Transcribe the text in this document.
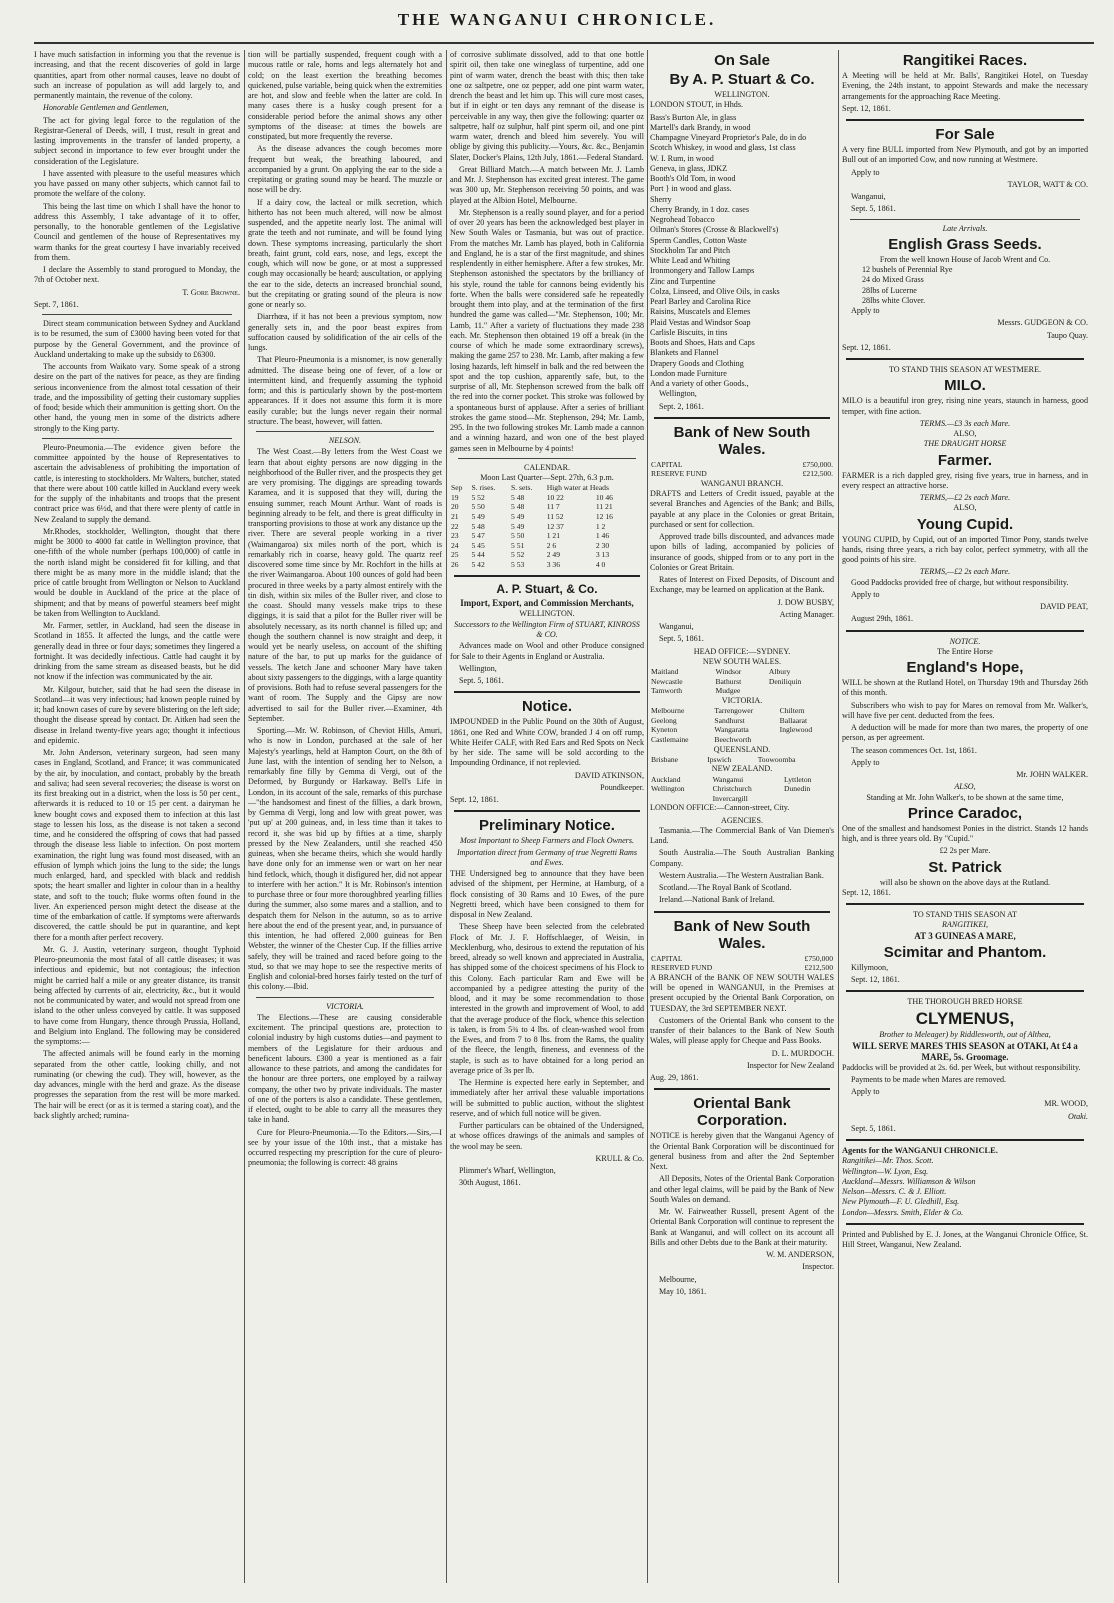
THE WANGANUI CHRONICLE.

I have much satisfaction in informing you that the revenue is increasing, and that the recent discoveries of gold in large quantities, apart from other normal causes, leave no doubt of such an increase of population as will add largely to, and permanently maintain, the revenue of the colony.

Honorable Gentlemen and Gentlemen,

The act for giving legal force to the regulation of the Registrar-General of Deeds, will, I trust, result in great and lasting improvements in the transfer of landed property, a subject second in importance to few ever brought under the consideration of the Legislature.

I have assented with pleasure to the useful measures which you have passed on many other subjects, which cannot fail to promote the welfare of the colony.

This being the last time on which I shall have the honor to address this Assembly, I take advantage of it to offer, personally, to the honorable gentlemen of the Legislative Council and gentlemen of the house of Representatives my warm thanks for the great courtesy I have invariably received from them.

I declare the Assembly to stand prorogued to Monday, the 7th of October next.

T. Gore Browne.

Sept. 7, 1861.

Direct steam communication between Sydney and Auckland is to be resumed, the sum of £3000 having been voted for that purpose by the General Government, and the province of Auckland undertaking to make up the subsidy to £6300.

The accounts from Waikato vary. Some speak of a strong desire on the part of the natives for peace, as they are finding serious inconvenience from the almost total cessation of their trade, and the impossibility of getting their customary supplies of food; beside which their ammunition is getting short. On the other hand, the young men in some of the districts adhere strongly to the King party.

Pleuro-Pneumonia.—The evidence given before the committee appointed by the house of Representatives to ascertain the advisableness of prohibiting the importation of cattle, is interesting to stockholders. Mr Walters, butcher, stated that there were about 100 cattle killed in Auckland every week for the supply of the inhabitants and troops that the present contract price was 6½d, and that there were plenty of cattle in New Zealand to supply the demand.

Mr.Rhodes, stockholder, Wellington, thought that there might be 3000 to 4000 fat cattle in Wellington province, that one-fifth of the whole number (perhaps 100,000) of cattle in the north island might be considered fit for killing, and that there might be as many more in the middle island; that the price of cattle brought from Wellington or Nelson to Auckland would be double in Auckland of the price at the place of shipment; and that by means of powerful steamers beef might be taken from Wellington to Auckland.

Mr. Farmer, settler, in Auckland, had seen the disease in Scotland in 1855. It affected the lungs, and the cattle were generally dead in three or four days; sometimes they lingered a fortnight. It was decidedly infectious. Cattle had caught it by drinking from the same stream as diseased beasts, but he did not know if the infection was communicated by the air.

Mr. Kilgour, butcher, said that he had seen the disease in Scotland—it was very infectious; had known people ruined by it; had known cases of cure by severe blistering on the left side; thought the disease spread by contact. Dr. Aitken had seen the disease in Ireland twenty-five years ago; thought it infectious and epidemic.

Mr. John Anderson, veterinary surgeon, had seen many cases in England, Scotland, and France; it was communicated by the air, by inoculation, and contact, probably by the breath and saliva; had seen several recoveries; the disease is worst on its first breaking out in a district, when the loss is 50 per cent., afterwards it is reduced to 10 or 15 per cent. a dairyman he knew bought cows and exposed them to infection at this last stage to lessen his loss, as the disease is not taken a second time, and he considered the offspring of cows that had passed through the disease less liable to infection. On post mortem examination, the right lung was found most diseased, with an effusion of lymph which joins the lung to the side; the lungs much enlarged, hard, and speckled with black and reddish spots; the heart smaller and lighter in colour than in a healthy state, and soft to the touch; fluke worms often found in the liver. An experienced person might detect the disease at the time of the embarkation of cattle. If symptoms were afterwards discovered, the cattle should be put in quarantine, and kept there for a month after perfect recovery.

Mr. G. J. Austin, veterinary surgeon, thought Typhoid Pleuro-pneumonia the most fatal of all cattle diseases; it was infectious and epidemic, but not contagious; the infection might be carried half a mile or any greater distance, its transit being affected by currents of air, electricity, &c., but it would not be communicated by water, and would not spread from one island to the other unless conveyed by cattle. It was supposed to have come from Hungary, thence through Prussia, Holland, and Belgium into England. The following may be considered the symptoms:—

The affected animals will be found early in the morning separated from the other cattle, looking chilly, and not ruminating (or chewing the cud). They will, however, as the day advances, mingle with the herd and graze. As the disease progresses the separation from the rest will be more marked. The hair will be erect (or as it is termed a staring coat), and the back slightly arched; rumina-

tion will be partially suspended, frequent cough with a mucous rattle or rale, horns and legs alternately hot and cold; on the least exertion the breathing becomes quickened, pulse variable, being quick when the extremities are hot, and slow and feeble when the latter are cold. In many cases there is a husky cough present for a considerable period before the animal shows any other symptoms of the disease: at times the bowels are constipated, but more frequently the reverse.

As the disease advances the cough becomes more frequent but weak, the breathing laboured, and accompanied by a grunt. On applying the ear to the side a crepitating or grating sound may be heard. The muzzle or nose will be dry.

If a dairy cow, the lacteal or milk secretion, which hitherto has not been much altered, will now be almost suspended, and the appetite nearly lost. The animal will grate the teeth and not ruminate, and will be found lying down. These symptoms increasing, particularly the short breath, faint grunt, cold ears, nose, and legs, except the cough, which will now be gone, or at most a suppressed cough may occasionally be heard; auscultation, or applying the ear to the side, detects an increased bronchial sound, but the crepitating or grating sound of the pleura is now gone or nearly so.

Diarrhœa, if it has not been a previous symptom, now generally sets in, and the poor beast expires from suffocation caused by solidification of the air cells of the lungs.

That Pleuro-Pneumonia is a misnomer, is now generally admitted. The disease being one of fever, of a low or intermittent kind, and frequently assuming the typhoid form; and this is particularly shown by the post-mortem appearances. If it does not assume this form it is more easily curable; but the lungs never regain their normal structure. The beast, however, will fatten.

NELSON.

The West Coast.—By letters from the West Coast we learn that about eighty persons are now digging in the neighborhood of the Buller river, and the prospects they get are very promising. The diggings are spreading towards Karamea, and it is supposed that they will, during the ensuing summer, reach Mount Arthur. Want of roads is beginning already to be felt, and there is great difficulty in transporting provisions to those at work any distance up the river. There are several people working in a river (Waimangaroa) six miles north of the port, which is remarkably rich in coarse, heavy gold. The quartz reef discovered some time since by Mr. Rochfort in the hills at the river Waimangaroa. About 100 ounces of gold had been procured in three weeks by a party almost entirely with the tin dish, within six miles of the Buller river, and close to the coast. Should many vessels make trips to these diggings, it is said that a pilot for the Buller river will be absolutely necessary, as its north channel is filled up; and though the southern channel is now straight and deep, it would yet be nearly useless, on account of the shifting nature of the bar, to put up marks for the guidance of vessels. The ketch Jane and schooner Mary have taken about sixty passengers to the diggings, with a large quantity of provisions. Both had to refuse several passengers for the want of room. The Supply and the Gipsy are now advertised to sail for the Buller river.—Examiner, 4th September.

Sporting.—Mr. W. Robinson, of Cheviot Hills, Amuri, who is now in London, purchased at the sale of her Majesty's yearlings, held at Hampton Court, on the 8th of June last, with the intention of sending her to Nelson, a remarkably fine filly by Gemma di Vergi, out of the Deformed, by Burgundy or Harkaway. Bell's Life in London, in its account of the sale, remarks of this purchase—"the handsomest and finest of the fillies, a dark brown, by Gemma di Vergi, long and low with great power, was 'put up' at 200 guineas, and, in less time than it takes to record it, she was bid up by fifties at a time, sharply pressed by the New Zealanders, until she reached 450 guineas, when she became theirs, which she would hardly have done only for an immense wen or wart on her near hind fetlock, which, though it disfigured her, did not appear to interfere with her action." It is Mr. Robinson's intention to purchase three or four more thoroughbred yearling fillies during the summer, also some mares and a stallion, and to despatch them for Nelson in the autumn, so as to arrive here about the end of the present year, and, in pursuance of this intention, he had offered 2,000 guineas for Ben Webster, the winner of the Chester Cup. If the fillies arrive safely, they will be trained and raced before going to the stud, so that we may hope to see the respective merits of English and colonial-bred horses fairly tested on the turf of this colony.—Ibid.

VICTORIA.

The Elections.—These are causing considerable excitement. The principal questions are, protection to colonial industry by high customs duties—and payment to members of the Legislature for their arduous and beneficent labours. £300 a year is mentioned as a fair allowance to these patriots, and among the candidates for the honour are three porters, one employed by a railway company, the other two by private individuals. The master of one of the porters is also a candidate. These gentlemen, if elected, ought to be able to carry all the measures they take in hand.

Cure for Pleuro-Pneumonia.—To the Editors.—Sirs,—I see by your issue of the 10th inst., that a mistake has occurred respecting my prescription for the cure of pleuro-pneumonia; the following is correct: 48 grains

of corrosive sublimate dissolved, add to that one bottle spirit oil, then take one wineglass of turpentine, add one pint of warm water, drench the beast with this; then take one oz saltpetre, one oz pepper, add one pint warm water, drench the beast and let him up. This will cure most cases, but if in eight or ten days any remnant of the disease is perceivable in any way, then give the following: quarter oz saltpetre, half oz sulphur, half pint sperm oil, and one pint warm water, drench and bleed him severely. You will oblige by giving this publicity.—Yours, &c. &c., Benjamin Slater, Docker's Plains, 12th July, 1861.—Federal Standard.

Great Billiard Match.—A match between Mr. J. Lamb and Mr. J. Stephenson has excited great interest. The game was 300 up, Mr. Stephenson receiving 50 points, and was played at the Albion Hotel, Melbourne.

Mr. Stephenson is a really sound player, and for a period of over 20 years has been the acknowledged best player in New South Wales or Tasmania, but was out of practice. From the matches Mr. Lamb has played, both in California and England, he is a star of the first magnitude, and shines resplendently in either hemisphere. After a few strokes, Mr. Stephenson astonished the spectators by the brilliancy of his style, round the table for cannons being evidently his forte. When the balls were considered safe he repeatedly brought them into play, and at the termination of the first hundred the game was called—"Mr. Stephenson, 100; Mr. Lamb, 11." After a variety of fluctuations they made 238 each. Mr. Stephenson then obtained 19 off a break (in the course of which he made some extraordinary screws), making the game 257 to 238. Mr. Lamb, after making a few losing hazards, left himself in balk and the red between the spot and the top cushion, apparently safe, but, to the surprise of all, Mr. Stephenson screwed from the balk off the red into the corner pocket. This stroke was followed by a spontaneous burst of applause. After a series of brilliant strokes the game stood—Mr. Stephenson, 294; Mr. Lamb, 295. In the two following strokes Mr. Lamb made a cannon and a winning hazard, and won one of the best played games seen in Melbourne by 4 points!

CALENDAR.
Moon Last Quarter—Sept. 27th, 6.3 p.m.
Sep	S. rises.	S. sets.	High water at Heads	
19	5 52	5 48	10 22	10 46
20	5 50	5 48	11 7	11 21
21	5 49	5 49	11 52	12 16
22	5 48	5 49	12 37	1 2
23	5 47	5 50	1 21	1 46
24	5 45	5 51	2 6	2 30
25	5 44	5 52	2 49	3 13
26	5 42	5 53	3 36	4 0
A. P. Stuart, & Co.
Import, Export, and Commission Merchants,
WELLINGTON.
Successors to the Wellington Firm of STUART, KINROSS & CO.

Advances made on Wool and other Produce consigned for Sale to their Agents in England or Australia.

Wellington,

Sept. 5, 1861.

Notice.

IMPOUNDED in the Public Pound on the 30th of August, 1861, one Red and White COW, branded J 4 on off rump, White Heifer CALF, with Red Ears and Red Spots on Neck by her side. The same will be sold according to the Impounding Ordinance, if not replevied.

DAVID ATKINSON,
Poundkeeper.

Sept. 12, 1861.

Preliminary Notice.
Most Important to Sheep Farmers and Flock Owners.
Importation direct from Germany of true Negretti Rams and Ewes.

THE Undersigned beg to announce that they have been advised of the shipment, per Hermine, at Hamburg, of a flock consisting of 30 Rams and 10 Ewes, of the pure Negretti breed, which have been consigned to them for disposal in New Zealand.

These Sheep have been selected from the celebrated Flock of Mr. J. F. Hoffschlaeger, of Weisin, in Mecklenburg, who, desirous to extend the reputation of his breed, already so well known and appreciated in Australia, has shipped some of the choicest specimens of his Flock to this Colony. Each particular Ram and Ewe will be accompanied by a pedigree attesting the purity of the blood, and it may be some recommendation to those interested in the growth and improvement of Wool, to add that the average produce of the flock, whence this selection is taken, is from 5¾ to 4 lbs. of clean-washed wool from the Ewes, and from 7 to 8 lbs. from the Rams, the quality of the fleece, the length, fineness, and evenness of the staple, is such as to have obtained for a long period an average price of 3s per lb.

The Hermine is expected here early in September, and immediately after her arrival these valuable importations will be submitted to public auction, without the slightest reserve, and of which full notice will be given.

Further particulars can be obtained of the Undersigned, at whose offices drawings of the animals and samples of the wool may be seen.

KRULL & Co.

Plimmer's Wharf, Wellington,

30th August, 1861.

On Sale
By A. P. Stuart & Co.
WELLINGTON.

LONDON STOUT, in Hhds.

Bass's Burton Ale, in glass
Martell's dark Brandy, in wood
Champagne Vineyard Proprietor's Pale, do in do
Scotch Whiskey, in wood and glass, 1st class
W. I. Rum, in wood
Geneva, in glass, JDKZ
Booth's Old Tom, in wood
Port } in wood and glass.
Sherry
Cherry Brandy, in 1 doz. cases
Negrohead Tobacco
Oilman's Stores (Crosse & Blackwell's)
Sperm Candles, Cotton Waste
Stockholm Tar and Pitch
White Lead and Whiting
Ironmongery and Tallow Lamps
Zinc and Turpentine
Colza, Linseed, and Olive Oils, in casks
Pearl Barley and Carolina Rice
Raisins, Muscatels and Elemes
Plaid Vestas and Windsor Soap
Carlisle Biscuits, in tins
Boots and Shoes, Hats and Caps
Blankets and Flannel
Drapery Goods and Clothing
London made Furniture
And a variety of other Goods.,

Wellington,

Sept. 2, 1861.

Bank of New South Wales.
CAPITAL	£750,000.
RESERVE FUND	£212,500.
WANGANUI BRANCH.

DRAFTS and Letters of Credit issued, payable at the several Branches and Agencies of the Bank; and Bills, payable at any place in the Colonies or great Britain, purchased or sent for collection.

Approved trade bills discounted, and advances made upon bills of lading, accompanied by policies of insurance of goods, shipped from or to any port in the Colonies or Great Britain.

Rates of Interest on Fixed Deposits, of Discount and Exchange, may be learned on application at the Bank.

J. DOW BUSBY,
Acting Manager.

Wanganui,

Sept. 5, 1861.

HEAD OFFICE:—SYDNEY.
NEW SOUTH WALES.
Maitland	Windsor	Albury
Newcastle	Bathurst	Deniliquin
Tamworth	Mudgee	
VICTORIA.
Melbourne	Tarrengower	Chiltern
Geelong	Sandhurst	Ballaarat
Kyneton	Wangaratta	Inglewood
Castlemaine	Beechworth	
QUEENSLAND.
Brisbane	Ipswich	Toowoomba
NEW ZEALAND.
Auckland	Wanganui	Lyttleton
Wellington	Christchurch	Dunedin
	Invercargill	

LONDON OFFICE:—Cannon-street, City.

AGENCIES.

Tasmania.—The Commercial Bank of Van Diemen's Land.

South Australia.—The South Australian Banking Company.

Western Australia.—The Western Australian Bank.

Scotland.—The Royal Bank of Scotland.

Ireland.—National Bank of Ireland.

Bank of New South Wales.
CAPITAL	£750,000
RESERVED FUND	£212,500

A BRANCH of the BANK OF NEW SOUTH WALES will be opened in WANGANUI, in the Premises at present occupied by the Oriental Bank Corporation, on TUESDAY, the 3rd SEPTEMBER NEXT.

Customers of the Oriental Bank who consent to the transfer of their balances to the Bank of New South Wales, will please apply for Cheque and Pass Books.

D. L. MURDOCH.
Inspector for New Zealand

Aug. 29, 1861.

Oriental Bank Corporation.

NOTICE is hereby given that the Wanganui Agency of the Oriental Bank Corporation will be discontinued for general business from and after the 2nd September Next.

All Deposits, Notes of the Oriental Bank Corporation and other legal claims, will be paid by the Bank of New South Wales on demand.

Mr. W. Fairweather Russell, present Agent of the Oriental Bank Corporation will continue to represent the Bank at Wanganui, and will collect on its account all Bills and other Debts due to the Bank at their maturity.

W. M. ANDERSON,
Inspector.

Melbourne,

May 10, 1861.

Rangitikei Races.

A Meeting will be held at Mr. Balls', Rangitikei Hotel, on Tuesday Evening, the 24th instant, to appoint Stewards and make the necessary arrangements for the approaching Race Meeting.

Sept. 12, 1861.

For Sale

A very fine BULL imported from New Plymouth, and got by an imported Bull out of an imported Cow, and now running at Westmere.

Apply to

TAYLOR, WATT & CO.

Wanganui,

Sept. 5, 1861.

Late Arrivals.
English Grass Seeds.
From the well known House of Jacob Wrent and Co.
12 bushels of Perennial Rye
24 do Mixed Grass
28lbs of Lucerne
28lbs white Clover.

Apply to

Messrs. GUDGEON & CO.
Taupo Quay.

Sept. 12, 1861.

TO STAND THIS SEASON AT WESTMERE.
MILO.

MILO is a beautiful iron grey, rising nine years, staunch in harness, good temper, with fine action.

TERMS.—£3 3s each Mare.
ALSO,
THE DRAUGHT HORSE
Farmer.

FARMER is a rich dappled grey, rising five years, true in harness, and in every respect an attractive horse.

TERMS,—£2 2s each Mare.
ALSO,
Young Cupid.

YOUNG CUPID, by Cupid, out of an imported Timor Pony, stands twelve hands, rising three years, a rich bay color, perfect symmetry, with all the good points of his sire.

TERMS,—£2 2s each Mare.

Good Paddocks provided free of charge, but without responsibility.

Apply to

DAVID PEAT,

August 29th, 1861.

NOTICE.
The Entire Horse
England's Hope,

WILL be shown at the Rutland Hotel, on Thursday 19th and Thursday 26th of this month.

Subscribers who wish to pay for Mares on removal from Mr. Walker's, will have five per cent. deducted from the fees.

A deduction will be made for more than two mares, the property of one person, as per agreement.

The season commences Oct. 1st, 1861.

Apply to

Mr. JOHN WALKER.
ALSO,
Standing at Mr. John Walker's, to be shown at the same time,
Prince Caradoc,

One of the smallest and handsomest Ponies in the district. Stands 12 hands high, and is three years old. By "Cupid."

£2 2s per Mare.
St. Patrick
will also be shown on the above days at the Rutland.

Sept. 12, 1861.

TO STAND THIS SEASON AT
RANGITIKEI,
AT 3 GUINEAS A MARE,
Scimitar and Phantom.

Killymoon,

Sept. 12, 1861.

THE THOROUGH BRED HORSE
CLYMENUS,
Brother to Meleager) by Riddlesworth, out of Althea,
WILL SERVE MARES THIS SEASON at OTAKI, At £4 a MARE, 5s. Groomage.

Paddocks will be provided at 2s. 6d. per Week, but without responsibility.

Payments to be made when Mares are removed.

Apply to

MR. WOOD,
Otaki.

Sept. 5, 1861.

Agents for the WANGANUI CHRONICLE.
Rangitikei—Mr. Thos. Scott.
Wellington—W. Lyon, Esq.
Auckland—Messrs. Williamson & Wilson
Nelson—Messrs. C. & J. Elliott.
New Plymouth—F. U. Gledhill, Esq.
London—Messrs. Smith, Elder & Co.

Printed and Published by E. J. Jones, at the Wanganui Chronicle Office, St. Hill Street, Wanganui, New Zealand.
